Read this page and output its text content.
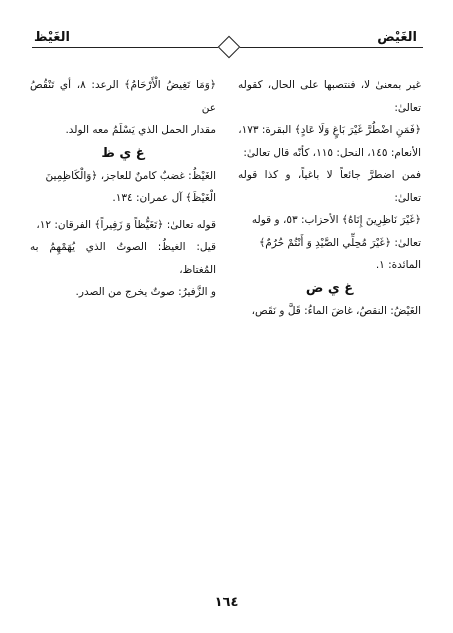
الغَيْض
الغَيْظ

غير بمعنىٰ لا، فنتصبها على الحال، كقوله تعالىٰ:

﴿فَمَنِ اضْطُرَّ غَيْرَ بَاغٍ وَلَا عَادٍ﴾ البقرة: ١٧٣،

الأنعام: ١٤٥، النحل: ١١٥، كأنّه قال تعالىٰ:

فمن اضطرَّ جائعاً لا باغياً، و كذا قوله تعالىٰ:

﴿غَيْرَ نَاظِرِينَ إِنَاهُ﴾ الأحزاب: ٥٣، و قوله

تعالىٰ: ﴿غَيْرَ مُحِلِّي الصَّيْدِ وَ أَنْتُمْ حُرُمٌ﴾

المائدة: ١.

غ ي ض

الغَيْضُ: النقصُ، غاضَ الماءُ: قَلَّ و نَقَص،

﴿وَمَا تَغِيضُ الْأَرْحَامُ﴾ الرعد: ٨، أي تَنْقُصُ عن

مقدار الحمل الذي يَسْلَمُ معه الولد.

غ ي ظ

الغَيْظُ: غضبٌ كامنٌ للعاجز، ﴿وَالْكَاظِمِينَ

الْغَيْظَ﴾ آل عمران: ١٣٤.

قوله تعالىٰ: ﴿تَغَيُّظاً وَ زَفِيراً﴾ الفرقان: ١٢،

قيل: الغيظُ: الصوتُ الذي يُهَمْهِمُ به المُغتاظ،

و الزَّفيرُ: صوتٌ يخرج من الصدر.

١٦٤
